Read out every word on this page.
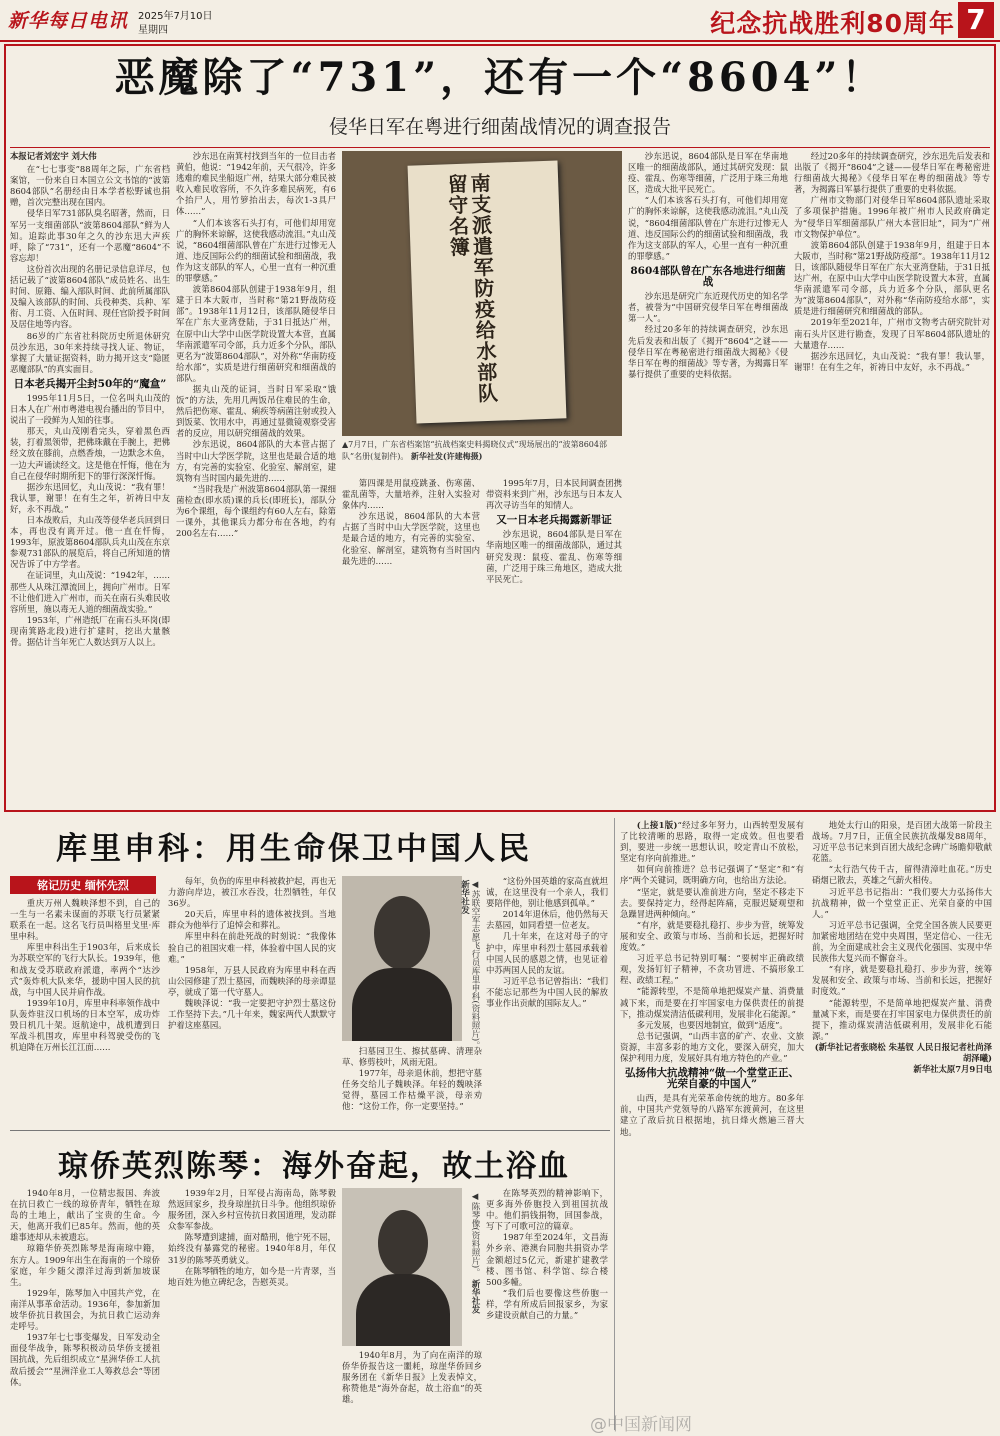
新华每日电讯 2025年7月10日
星期四	纪念抗战胜利80周年 7
恶魔除了“731”，还有一个“8604”！
侵华日军在粤进行细菌战情况的调查报告
本报记者刘宏宇 刘大伟

在“七七事变”88周年之际，广东省档案馆，一份来自日本国立公文书馆的“波第8604部队”名册经由日本学者松野诚也捐赠，首次完整出现在国内。

侵华日军731部队臭名昭著，然而，日军另一支细菌部队“波第8604部队”鲜为人知。追踪此事30年之久的沙东迅大声疾呼，除了“731”，还有一个恶魔“8604”不容忘却！

这份首次出现的名册记录信息详尽，包括记载了“波第8604部队”成员姓名、出生时间、原籍、编入部队时间、此前所属部队及编入该部队的时间、兵役种类、兵种、军衔、月工资、入伍时间、现任官阶授予时间及居住地等内容。

86岁的广东省社科院历史所退休研究员沙东迅，30年来持续寻找人证、物证，掌握了大量证据资料，助力揭开这支“隐匿恶魔部队”的真实面目。

日本老兵揭开尘封50年的“魔盒”

1995年11月5日，一位名叫丸山茂的日本人在广州市粤港电视台播出的节目中，说出了一段鲜为人知的往事。

那天，丸山茂刚看完头，穿着黑色西装，打着黑领带，把佛珠戴在手腕上，把佛经文放在膝前，点燃香烛，一边默念木鱼，一边大声诵读经文。这是他在忏悔，他在为自己在侵华时期所犯下的罪行深深忏悔。

据沙东迅回忆，丸山茂说：“我有罪！我认罪，谢罪！在有生之年，祈祷日中友好，永不再战。”

日本战败后，丸山茂等侵华老兵回到日本，再也没有离开过。他一直在忏悔，1993年，原波第8604部队兵丸山茂在东京参观731部队的展览后，将自己所知道的情况告诉了中方学者。

在证词里，丸山茂说：“1942年，……那些人从珠江潭流回上，拥向广州市。日军不让他们进入广州市，而关在南石头难民收容所里，施以毒无人道的细菌战实验。”

1953年，广州造纸厂在南石头环岗(即现南箕路北段)进行扩建时，挖出大量骸骨。据估计当年死亡人数达到万人以上。

沙东迅在南箕村找到当年的一位目击者黄伯，他说：“1942年前，天气很冷，许多逃难的难民坐船返广州，结果大部分难民被收入难民收容所，不久许多难民病死，有6个抬尸人，用竹箩抬出去，每次1-3具尸体……”

“人们本该客石头打有，可他们却用宽广的胸怀来谅解，这使我感动流泪。”丸山茂说，“8604细菌部队曾在广东进行过惨无人道、违反国际公约的细菌试验和细菌战，我作为这支部队的军人，心里一直有一种沉重的罪孽感。”

波第8604部队创建于1938年9月，组建于日本大阪市，当时称“第21野战防疫部”。1938年11月12日，该部队随侵华日军在广东大亚湾登陆，于31日抵达广州，在原中山大学中山医学院设置大本营，直属华南派遣军司令部，兵力近多个分队，部队更名为“波第8604部队”，对外称“华南防疫给水部”，实质是进行细菌研究和细菌战的部队。

据丸山茂的证词，当时日军采取“饿饭”的方法，先用几两饭吊住难民的生命，然后把伤寒、霍乱、痢疾等病菌注射或投入到饭菜、饮用水中，再通过显微镜观察受害者的反应，用以研究细菌战的效果。

沙东迅说，8604部队的大本营占据了当时中山大学医学院，这里也是最合适的地方，有完善的实验室、化验室、解剖室，建筑物有当时国内最先进的……

“当时我是广州波第8604部队第一课细菌检查(即水质)课的兵长(即班长)，部队分为6个课组，每个课组约有60人左右，除第一课外，其他课兵力都分布在各地，约有200名左右……”

南支派遣军防疫给水部队 留守名簿
▲7月7日，广东省档案馆“抗战档案史料揭晓仪式”现场展出的“波第8604部队”名册(复制件)。 新华社发(许建梅摄)

第四课是用鼠疫跳蚤、伤寒菌、霍乱菌等，大量培养，注射入实验对象体内……

沙东迅说，8604部队的大本营占据了当时中山大学医学院，这里也是最合适的地方，有完善的实验室、化验室、解剖室，建筑物有当时国内最先进的……

1995年7月，日本民间调查团携带资料来到广州，沙东迅与日本友人再次寻访当年的知情人。

又一日本老兵揭露新罪证

沙东迅说，8604部队是日军在华南地区唯一的细菌战部队，通过其研究发现：鼠疫、霍乱、伤寒等细菌，广泛用于珠三角地区，造成大批平民死亡。

沙东迅说，8604部队是日军在华南地区唯一的细菌战部队，通过其研究发现：鼠疫、霍乱、伤寒等细菌，广泛用于珠三角地区，造成大批平民死亡。

“人们本该客石头打有，可他们却用宽广的胸怀来谅解，这使我感动流泪。”丸山茂说，“8604细菌部队曾在广东进行过惨无人道、违反国际公约的细菌试验和细菌战，我作为这支部队的军人，心里一直有一种沉重的罪孽感。”

8604部队曾在广东各地进行细菌战

沙东迅是研究广东近现代历史的知名学者，被誉为“中国研究侵华日军在粤细菌战第一人”。

经过20多年的持续调查研究，沙东迅先后发表和出版了《揭开“8604”之谜——侵华日军在粤秘密进行细菌战大揭秘》《侵华日军在粤的细菌战》等专著，为揭露日军暴行提供了重要的史料依据。

经过20多年的持续调查研究，沙东迅先后发表和出版了《揭开“8604”之谜——侵华日军在粤秘密进行细菌战大揭秘》《侵华日军在粤的细菌战》等专著，为揭露日军暴行提供了重要的史料依据。

广州市文物部门对侵华日军8604部队遗址采取了多项保护措施。1996年被广州市人民政府确定为“侵华日军细菌部队广州大本营旧址”，同为“广州市文物保护单位”。

波第8604部队创建于1938年9月，组建于日本大阪市，当时称“第21野战防疫部”。1938年11月12日，该部队随侵华日军在广东大亚湾登陆，于31日抵达广州，在原中山大学中山医学院设置大本营，直属华南派遣军司令部，兵力近多个分队，部队更名为“波第8604部队”，对外称“华南防疫给水部”，实质是进行细菌研究和细菌战的部队。

2019年至2021年，广州市文物考古研究院针对南石头片区进行勘查，发现了日军8604部队遗址的大量遗存……

据沙东迅回忆，丸山茂说：“我有罪！我认罪，谢罪！在有生之年，祈祷日中友好，永不再战。”

库里申科：用生命保卫中国人民
铭记历史 缅怀先烈

重庆万州人魏映泽想不到，自己的一生与一名素未谋面的苏联飞行员紧紧联系在一起。这名飞行员叫格里戈里·库里申科。

库里申科出生于1903年，后来成长为苏联空军的飞行大队长。1939年，他和战友受苏联政府派遣，率两个“达沙式”轰炸机大队来华，援助中国人民的抗战，与中国人民并肩作战。

1939年10月，库里申科率领作战中队轰炸驻汉口机场的日本空军，成功炸毁日机几十架。返航途中，战机遭到日军战斗机围攻，库里申科驾驶受伤的飞机迫降在万州长江江面……

每年，负伤的库里申科被救护起，再也无力游向岸边，被江水吞没，壮烈牺牲，年仅36岁。

20天后，库里申科的遗体被找到。当地群众为他举行了追悼会和葬礼。

库里申科在前赴死战的时刻说：“我像体验自己的祖国灾难一样，体验着中国人民的灾难。”

1958年，万县人民政府为库里申科在西山公园修建了烈士墓园，而魏映泽的母亲谭显亭，就成了第一代守墓人。

魏映泽说：“我一定要把守护烈士墓这份工作坚持下去。”几十年来，魏家两代人默默守护着这座墓园。	◀苏联空军志愿飞行员库里申科(资料照片)。 新华社发

扫墓园卫生、擦拭墓碑、清理杂草、修剪枝叶，风雨无阻。

1977年，母亲退休前，想把守墓任务交给儿子魏映泽。年轻的魏映泽觉得，墓园工作枯燥平淡，母亲劝他：“这份工作，你一定要坚持。”

“这份外国英雄的家高直就坦诚，在这里没有一个亲人，我们要陪伴他，别让他感到孤单。”

2014年退休后，他仍然每天去墓园，如同看望一位老友。

几十年来，在这对母子的守护中，库里申科烈士墓园承载着中国人民的感恩之情，也见证着中苏两国人民的友谊。

习近平总书记曾指出：“我们不能忘记那些为中国人民的解放事业作出贡献的国际友人。”

琼侨英烈陈琴：海外奋起，故土浴血

1940年8月，一位精忠报国、奔波在抗日救亡一线的琼侨青年，牺牲在琼岛的土地上，献出了宝贵的生命。今天，他离开我们已85年。然而，他的英雄事迹却从未被遗忘。

琼籍华侨英烈陈琴是海南琼中籍，东方人。1909年出生在海南的一个琼侨家庭，年少随父漂洋过海到新加坡谋生。

1929年，陈琴加入中国共产党，在南洋从事革命活动。1936年，参加新加坡华侨抗日救国会，为抗日救亡运动奔走呼号。

1937年七七事变爆发，日军发动全面侵华战争，陈琴积极动员华侨支援祖国抗战，先后组织成立“星洲华侨工人抗敌后援会”“星洲洋业工人筹救总会”等团体。

1939年2月，日军侵占海南岛，陈琴毅然返回家乡，投身琼崖抗日斗争。他组织琼侨服务团，深入乡村宣传抗日救国道理，发动群众参军参战。

陈琴遭到逮捕，面对酷刑，他宁死不屈，始终没有暴露党的秘密。1940年8月，年仅31岁的陈琴英勇就义。

在陈琴牺牲的地方，如今是一片青翠，当地百姓为他立碑纪念，告慰英灵。

◀陈琴像(资料照片)。 新华社发

1940年8月，为了向在南洋的琼侨华侨报告这一噩耗，琼崖华侨回乡服务团在《新华日报》上发表悼文，称赞他是“海外奋起，故土浴血”的英雄。

在陈琴英烈的精神影响下，更多海外侨胞投入到祖国抗战中。他们捐钱捐物，回国参战，写下了可歌可泣的篇章。

1987年至2024年，文昌海外乡亲、港澳台同胞共捐资办学金额超过5亿元，新建扩建教学楼、图书馆、科学馆、综合楼500多幢。

“我们后也要像这些侨胞一样，学有所成后回报家乡，为家乡建设贡献自己的力量。”

(上接1版)“经过多年努力，山西转型发展有了比较清晰的思路，取得一定成效。但也要看到，要进一步统一思想认识，咬定青山不放松，坚定有序向前推进。”

如何向前推进？总书记强调了“坚定”和“有序”两个关键词，既明确方向，也给出方法论。

“坚定，就是要认准前进方向，坚定不移走下去。要保持定力，经得起阵痛，克服迟疑观望和急躁冒进两种倾向。”

“有序，就是要稳扎稳打、步步为营，统筹发展和安全、政策与市场、当前和长远，把握好时度效。”

习近平总书记特别叮嘱：“要树牢正确政绩观，发扬钉钉子精神，不贪功冒进、不搞形象工程、政绩工程。”

“能源转型，不是简单地把煤炭产量、消费量减下来，而是要在打牢国家电力保供责任的前提下，推动煤炭清洁低碳利用，发展非化石能源。”

多元发展，也要因地制宜，做到“适度”。

总书记强调，“山西丰富的矿产、农业、文旅资源，丰富多彩的地方文化，要深入研究，加大保护利用力度，发展好具有地方特色的产业。”

弘扬伟大抗战精神“做一个堂堂正正、光荣自豪的中国人”

山西，是具有光荣革命传统的地方。80多年前，中国共产党领导的八路军东渡黄河，在这里建立了敌后抗日根据地，抗日烽火燃遍三晋大地。

地处太行山的阳泉，是百团大战第一阶段主战场。7月7日，正值全民族抗战爆发88周年，习近平总书记来到百团大战纪念碑广场瞻仰敬献花篮。

“太行浩气传千古，留得清漳吐血花。”历史硝烟已散去，英雄之气薪火相传。

习近平总书记指出：“我们要大力弘扬伟大抗战精神，做一个堂堂正正、光荣自豪的中国人。”

习近平总书记强调，全党全国各族人民要更加紧密地团结在党中央周围，坚定信心、一往无前，为全面建成社会主义现代化强国、实现中华民族伟大复兴而不懈奋斗。

“有序，就是要稳扎稳打、步步为营，统筹发展和安全、政策与市场、当前和长远，把握好时度效。”

“能源转型，不是简单地把煤炭产量、消费量减下来，而是要在打牢国家电力保供责任的前提下，推动煤炭清洁低碳利用，发展非化石能源。”

(新华社记者张晓松 朱基钗 人民日报记者杜尚泽 胡泽曦)

新华社太原7月9日电

@中国新闻网
